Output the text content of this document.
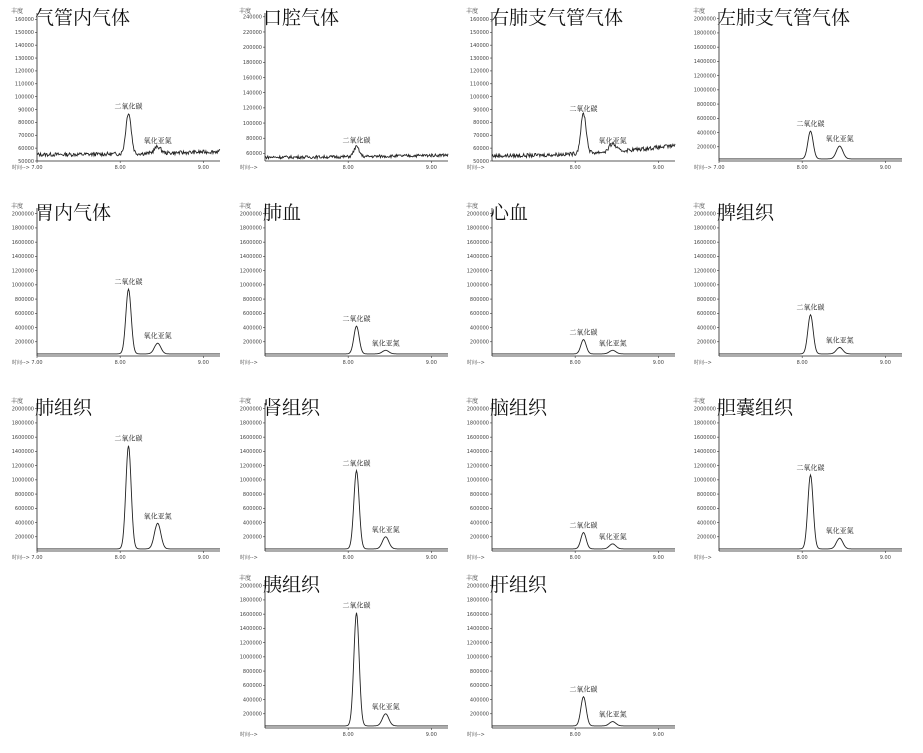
160000
150000
140000
130000
120000
110000
100000
90000
80000
70000
60000
50000
7.00	8.00	9.00
时间-->
二氧化碳
氧化亚氮
丰度 气管内气体	240000
220000
200000
180000
160000
140000
120000
100000
80000
60000
8.00	9.00
时间-->
二氧化碳
丰度 口腔气体	160000
150000
140000
130000
120000
110000
100000
90000
80000
70000
60000
50000
8.00	9.00
时间-->
二氧化碳
氧化亚氮
丰度 右肺支气管气体	2000000
1800000
1600000
1400000
1200000
1000000
800000
600000
400000
200000
7.00	8.00	9.00
时间-->
二氧化碳
氧化亚氮
丰度 左肺支气管气体
2000000
1800000
1600000
1400000
1200000
1000000
800000
600000
400000
200000
7.00	8.00	9.00
时间-->
二氧化碳
氧化亚氮
丰度 胃内气体	2000000
1800000
1600000
1400000
1200000
1000000
800000
600000
400000
200000
8.00	9.00
时间-->
二氧化碳
氧化亚氮
丰度 肺血	2000000
1800000
1600000
1400000
1200000
1000000
800000
600000
400000
200000
8.00	9.00
时间-->
二氧化碳
氧化亚氮
丰度 心血	2000000
1800000
1600000
1400000
1200000
1000000
800000
600000
400000
200000
8.00	9.00
时间-->
二氧化碳
氧化亚氮
丰度 脾组织
2000000
1800000
1600000
1400000
1200000
1000000
800000
600000
400000
200000
7.00	8.00	9.00
时间-->
二氧化碳
氧化亚氮
丰度 肺组织	2000000
1800000
1600000
1400000
1200000
1000000
800000
600000
400000
200000
8.00	9.00
时间-->
二氧化碳
氧化亚氮
丰度 肾组织	2000000
1800000
1600000
1400000
1200000
1000000
800000
600000
400000
200000
8.00	9.00
时间-->
二氧化碳
氧化亚氮
丰度 脑组织	2000000
1800000
1600000
1400000
1200000
1000000
800000
600000
400000
200000
8.00	9.00
时间-->
二氧化碳
氧化亚氮
丰度 胆囊组织
2000000
1800000
1600000
1400000
1200000
1000000
800000
600000
400000
200000
8.00	9.00
时间-->
二氧化碳
氧化亚氮
丰度 胰组织	2000000
1800000
1600000
1400000
1200000
1000000
800000
600000
400000
200000
8.00	9.00
时间-->
二氧化碳
氧化亚氮
丰度 肝组织
